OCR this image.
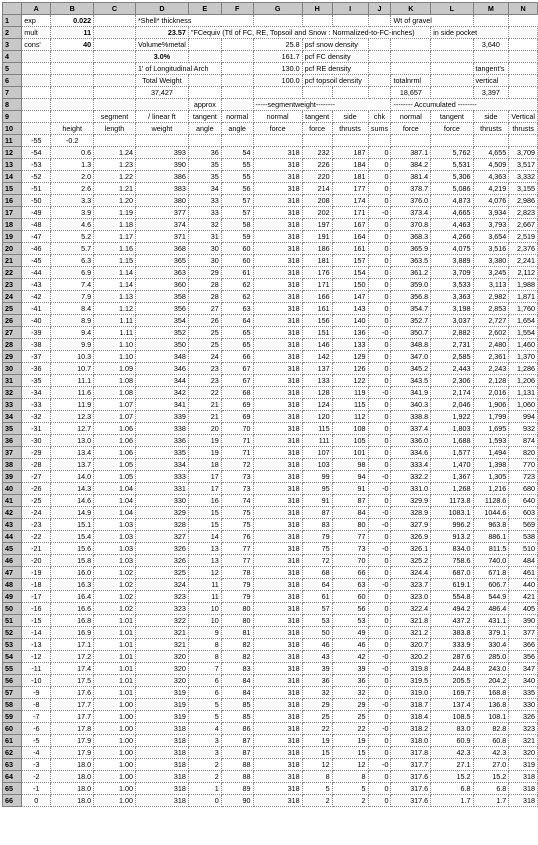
	A	B	C	D	E	F	G	H	I	J	K	L	M	N
1	exp	0.022		*Shell* thickness							Wt of gravel			
2	mult	11		23.57	"FCequiv (Ttl of FC, RE, Topsoil and Snow : Normalized-to-FC-inches)							in side pocket		
3	cons'	40		Volume%metal			25.8	psf snow density					3,640	
4				3.0%			161.7	pcf FC density						
5				1' of Longitudinal Arch			130.0	pcf RE density					tangent's	
6				Total Weight			100.0	pcf topsoil density			totalnrml		vertical	
7				37,427							18,657		3,397	
8					approx		-----segmentweight--------				-------- Accumulated --------			
9			segment	/ linear ft	tangent	normal	normal	tangent	side	chk	normal	tangent	side	Vertical
10		height	length	weight	angle	angle	force	force	thrusts	sums	force	force	thrusts	thrusts
11	-55	-0.2												
12	-54	0.6	1.24	393	36	54	318	232	187	0	387.1	5,762	4,655	3,709
13	-53	1.3	1.23	390	35	55	318	226	184	0	384.2	5,531	4,509	3,517
14	-52	2.0	1.22	386	35	55	318	220	181	0	381.4	5,306	4,363	3,332
15	-51	2.6	1.21	383	34	56	318	214	177	0	378.7	5,086	4,219	3,155
16	-50	3.3	1.20	380	33	57	318	208	174	0	376.0	4,873	4,076	2,986
17	-49	3.9	1.19	377	33	57	318	202	171	-0	373.4	4,665	3,934	2,823
18	-48	4.6	1.18	374	32	58	318	197	167	0	370.8	4,463	3,793	2,667
19	-47	5.2	1.17	371	31	59	318	191	164	0	368.3	4,266	3,654	2,519
20	-46	5.7	1.16	368	30	60	318	186	161	0	365.9	4,075	3,516	2,376
21	-45	6.3	1.15	365	30	60	318	181	157	0	363.5	3,889	3,380	2,241
22	-44	6.9	1.14	363	29	61	318	176	154	0	361.2	3,709	3,245	2,112
23	-43	7.4	1.14	360	28	62	318	171	150	0	359.0	3,533	3,113	1,988
24	-42	7.9	1.13	358	28	62	318	166	147	0	356.8	3,363	2,982	1,871
25	-41	8.4	1.12	356	27	63	318	161	143	0	354.7	3,198	2,853	1,760
26	-40	8.9	1.11	354	26	64	318	156	140	0	352.7	3,037	2,727	1,654
27	-39	9.4	1.11	352	25	65	318	151	136	-0	350.7	2,882	2,602	1,554
28	-38	9.9	1.10	350	25	65	318	146	133	0	348.8	2,731	2,480	1,460
29	-37	10.3	1.10	348	24	66	318	142	129	0	347.0	2,585	2,361	1,370
30	-36	10.7	1.09	346	23	67	318	137	126	0	345.2	2,443	2,243	1,286
31	-35	11.1	1.08	344	23	67	318	133	122	0	343.5	2,306	2,128	1,206
32	-34	11.6	1.08	342	22	68	318	128	119	-0	341.9	2,174	2,016	1,131
33	-33	11.9	1.07	341	21	69	318	124	115	0	340.3	2,046	1,906	1,060
34	-32	12.3	1.07	339	21	69	318	120	112	0	338.8	1,922	1,799	994
35	-31	12.7	1.06	338	20	70	318	115	108	0	337.4	1,803	1,695	932
36	-30	13.0	1.06	336	19	71	318	111	105	0	336.0	1,688	1,593	874
37	-29	13.4	1.06	335	19	71	318	107	101	0	334.6	1,577	1,494	820
38	-28	13.7	1.05	334	18	72	318	103	98	0	333.4	1,470	1,398	770
39	-27	14.0	1.05	333	17	73	318	99	94	-0	332.2	1,367	1,305	723
40	-26	14.3	1.04	331	17	73	318	95	91	-0	331.0	1,268	1,216	680
41	-25	14.6	1.04	330	16	74	318	91	87	0	329.9	1173.8	1128.6	640
42	-24	14.9	1.04	329	15	75	318	87	84	-0	328.9	1083.1	1044.6	603
43	-23	15.1	1.03	328	15	75	318	83	80	-0	327.9	996.2	963.8	569
44	-22	15.4	1.03	327	14	76	318	79	77	0	326.9	913.2	886.1	538
45	-21	15.6	1.03	326	13	77	318	75	73	-0	326.1	834.0	811.5	510
46	-20	15.8	1.03	326	13	77	318	72	70	0	325.2	758.6	740.0	484
47	-19	16.0	1.02	325	12	78	318	68	66	0	324.4	687.0	671.8	461
48	-18	16.3	1.02	324	11	79	318	64	63	-0	323.7	619.1	606.7	440
49	-17	16.4	1.02	323	11	79	318	61	60	0	323.0	554.8	544.9	421
50	-16	16.6	1.02	323	10	80	318	57	56	0	322.4	494.2	486.4	405
51	-15	16.8	1.01	322	10	80	318	53	53	0	321.8	437.2	431.1	390
52	-14	16.9	1.01	321	9	81	318	50	49	0	321.2	383.8	379.1	377
53	-13	17.1	1.01	321	8	82	318	46	46	0	320.7	333.9	330.4	366
54	-12	17.2	1.01	320	8	82	318	43	42	-0	320.2	287.6	285.0	356
55	-11	17.4	1.01	320	7	83	318	39	39	-0	319.8	244.8	243.0	347
56	-10	17.5	1.01	320	6	84	318	36	36	0	319.5	205.5	204.2	340
57	-9	17.6	1.01	319	6	84	318	32	32	0	319.0	169.7	168.8	335
58	-8	17.7	1.00	319	5	85	318	29	29	-0	318.7	137.4	136.8	330
59	-7	17.7	1.00	319	5	85	318	25	25	0	318.4	108.5	108.1	326
60	-6	17.8	1.00	318	4	86	318	22	22	-0	318.2	83.0	82.8	323
61	-5	17.9	1.00	318	3	87	318	19	19	0	318.0	60.9	60.8	321
62	-4	17.9	1.00	318	3	87	318	15	15	0	317.8	42.3	42.3	320
63	-3	18.0	1.00	318	2	88	318	12	12	-0	317.7	27.1	27.0	319
64	-2	18.0	1.00	318	2	88	318	8	8	0	317.6	15.2	15.2	318
65	-1	18.0	1.00	318	1	89	318	5	5	0	317.6	6.8	6.8	318
66	0	18.0	1.00	318	0	90	318	2	2	0	317.6	1.7	1.7	318
